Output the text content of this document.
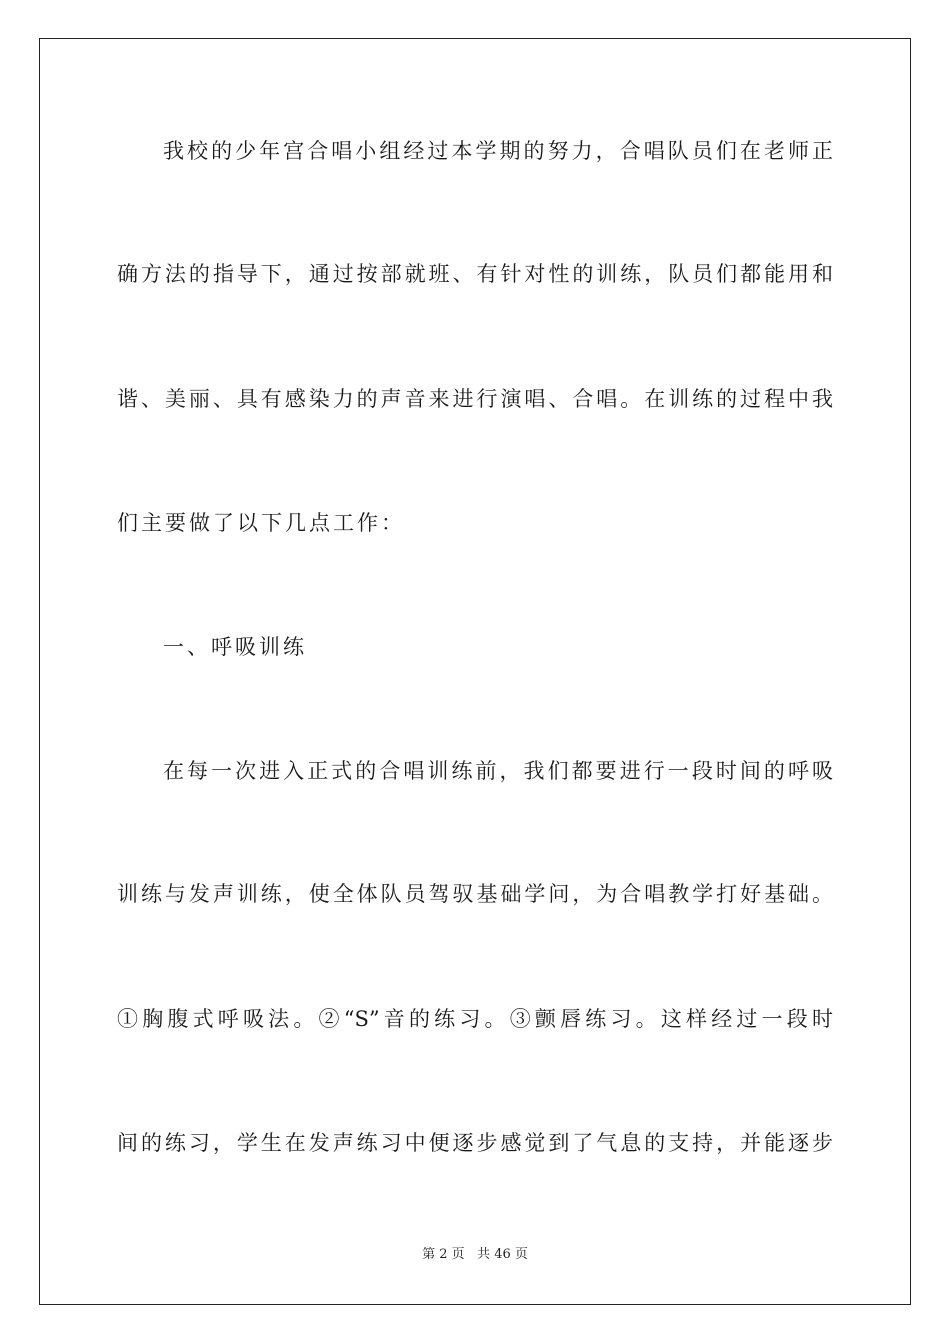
我校的少年宫合唱小组经过本学期的努力，合唱队员们在老师正
确方法的指导下，通过按部就班、有针对性的训练，队员们都能用和
谐、美丽、具有感染力的声音来进行演唱、合唱。在训练的过程中我
们主要做了以下几点工作：
一、呼吸训练
在每一次进入正式的合唱训练前，我们都要进行一段时间的呼吸
训练与发声训练，使全体队员驾驭基础学问，为合唱教学打好基础。
①胸腹式呼吸法。②“S”音的练习。③颤唇练习。这样经过一段时
间的练习，学生在发声练习中便逐步感觉到了气息的支持，并能逐步
第 2 页   共 46 页
